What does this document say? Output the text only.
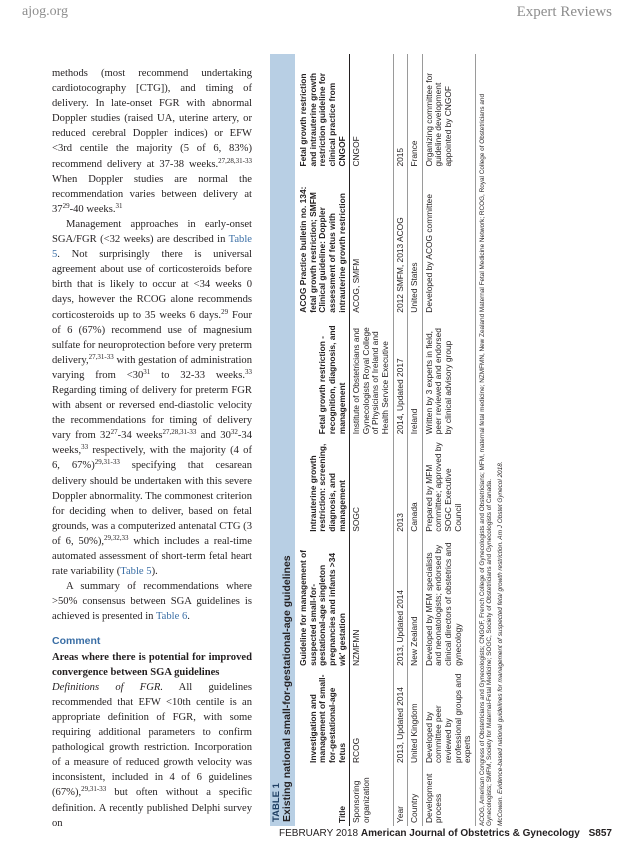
ajog.org	Expert Reviews

methods (most recommend undertaking cardiotocography [CTG]), and timing of delivery. In late-onset FGR with abnormal Doppler studies (raised UA, uterine artery, or reduced cerebral Doppler indices) or EFW <3rd centile the majority (5 of 6, 83%) recommend delivery at 37-38 weeks.$^{27,28,31-33}$ When Doppler studies are normal the recommendation varies between delivery at $37^{29}-40$ weeks.$^{31}$

Management approaches in early-onset SGA/FGR (<32 weeks) are described in Table 5. Not surprisingly there is universal agreement about use of corticosteroids before birth that is likely to occur at <34 weeks 0 days, however the RCOG alone recommends corticosteroids up to 35 weeks 6 days.$^{29}$ Four of 6 (67%) recommend use of magnesium sulfate for neuroprotection before very preterm delivery,$^{27,31-33}$ with gestation of administration varying from $<30^{31}$ to 32-33 weeks.$^{33}$ Regarding timing of delivery for preterm FGR with absent or reversed end-diastolic velocity the recommendations for timing of delivery vary from $32^{27}-34$ weeks$^{27,28,31-33}$ and $30^{32}-34$ weeks,$^{33}$ respectively, with the majority (4 of 6, 67%)$^{29,31-33}$ specifying that cesarean delivery should be undertaken with this severe Doppler abnormality. The commonest criterion for deciding when to deliver, based on fetal grounds, was a computerized antenatal CTG (3 of 6, 50%),$^{29,32,33}$ which includes a real-time automated assessment of short-term fetal heart rate variability (Table 5).

A summary of recommendations where >50% consensus between SGA guidelines is achieved is presented in Table 6.

Comment

Areas where there is potential for improved convergence between SGA guidelines

Definitions of FGR. All guidelines recommended that EFW <10th centile is an appropriate definition of FGR, with some requiring additional parameters to confirm pathological growth restriction. Incorporation of a measure of reduced growth velocity was inconsistent, included in 4 of 6 guidelines (67%),$^{29,31-33}$ but often without a specific definition. A recently published Delphi survey on

TABLE 1
Existing national small-for-gestational-age guidelines	Title	Investigation and management of small-for-gestational-age fetus	Guideline for management of suspected small-for-gestational-age singleton pregnancies and infants >34 wk' gestation	Intrauterine growth restriction: screening, diagnosis, and management	Fetal growth restriction - recognition, diagnosis, and management	ACOG Practice bulletin no. 134: fetal growth restriction; SMFM Clinical guideline: Doppler assessment of fetus with intrauterine growth restriction	Fetal growth restriction and intrauterine growth restriction guideline for clinical practice from CNGOF
Sponsoring organization	RCOG	NZMFMN	SOGC	Institute of Obstetricians and Gynecologists Royal College of Physicians of Ireland and Health Service Executive	ACOG, SMFM	CNGOF
Year	2013, Updated 2014	2013, Updated 2014	2013	2014, Updated 2017	2012 SMFM, 2013 ACOG	2015
Country	United Kingdom	New Zealand	Canada	Ireland	United States	France
Development process	Developed by committee peer reviewed by professional groups and experts	Developed by MFM specialists and neonatologists; endorsed by clinical directors of obstetrics and gynecology	Prepared by MFM committee; approved by SOGC Executive Council	Written by 3 experts in field, peer reviewed and endorsed by clinical advisory group	Developed by ACOG committee	Organizing committee for guideline development appointed by CNGOF	ACOG, American Congress of Obstetricians and Gynecologists; CNGOF, French College of Gynecologists and Obstetricians; MFM, maternal fetal medicine; NZMFMN, New Zealand Maternal Fetal Medicine Network; RCOG, Royal College of Obstetricians and Gynecologists; SMFM, Society for Maternal-Fetal Medicine; SOGC, Society of Obstetricians and Gynecologists of Canada. McCowan. Evidence-based national guidelines for management of suspected fetal growth restriction. Am J Obstet Gynecol 2018.

FEBRUARY 2018 American Journal of Obstetrics & Gynecology S857
